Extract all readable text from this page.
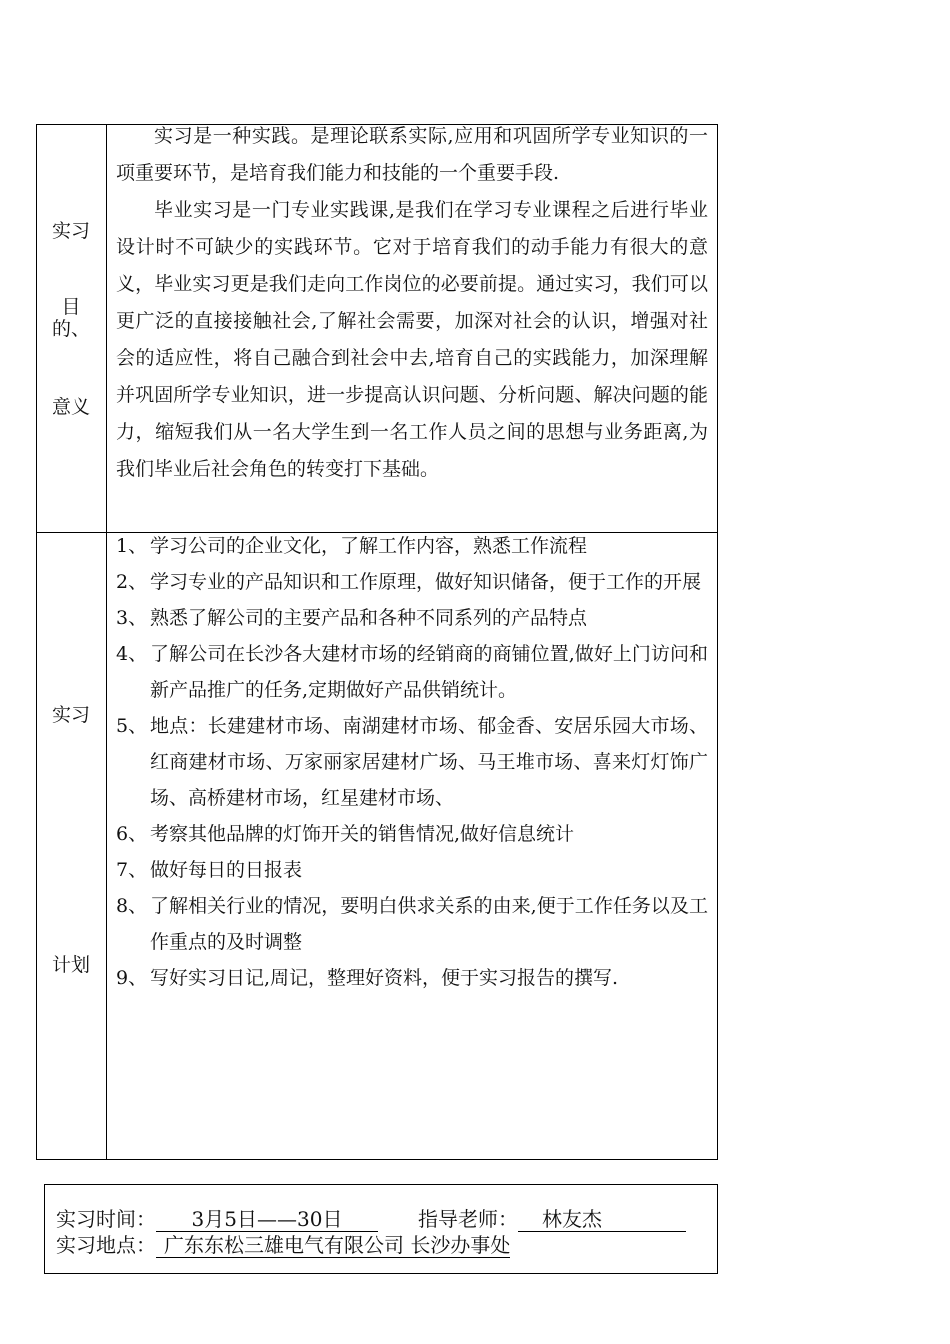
实习
目
的、
意义

实习是一种实践。是理论联系实际,应用和巩固所学专业知识的一项重要环节，是培育我们能力和技能的一个重要手段.

毕业实习是一门专业实践课,是我们在学习专业课程之后进行毕业设计时不可缺少的实践环节。它对于培育我们的动手能力有很大的意义，毕业实习更是我们走向工作岗位的必要前提。通过实习，我们可以更广泛的直接接触社会,了解社会需要，加深对社会的认识，增强对社会的适应性，将自己融合到社会中去,培育自己的实践能力，加深理解并巩固所学专业知识，进一步提高认识问题、分析问题、解决问题的能力，缩短我们从一名大学生到一名工作人员之间的思想与业务距离,为我们毕业后社会角色的转变打下基础。

实习
计划
1、 学习公司的企业文化，了解工作内容，熟悉工作流程
2、 学习专业的产品知识和工作原理，做好知识储备，便于工作的开展
3、 熟悉了解公司的主要产品和各种不同系列的产品特点
4、 了解公司在长沙各大建材市场的经销商的商铺位置,做好上门访问和新产品推广的任务,定期做好产品供销统计。
5、 地点：长建建材市场、南湖建材市场、郁金香、安居乐园大市场、红商建材市场、万家丽家居建材广场、马王堆市场、喜来灯灯饰广场、高桥建材市场，红星建材市场、
6、 考察其他品牌的灯饰开关的销售情况,做好信息统计
7、 做好每日的日报表
8、 了解相关行业的情况，要明白供求关系的由来,便于工作任务以及工作重点的及时调整
9、 写好实习日记,周记，整理好资料，便于实习报告的撰写.
实习时间： 3月5日——30日	指导老师： 林友杰
实习地点： 广东东松三雄电气有限公司 长沙办事处
